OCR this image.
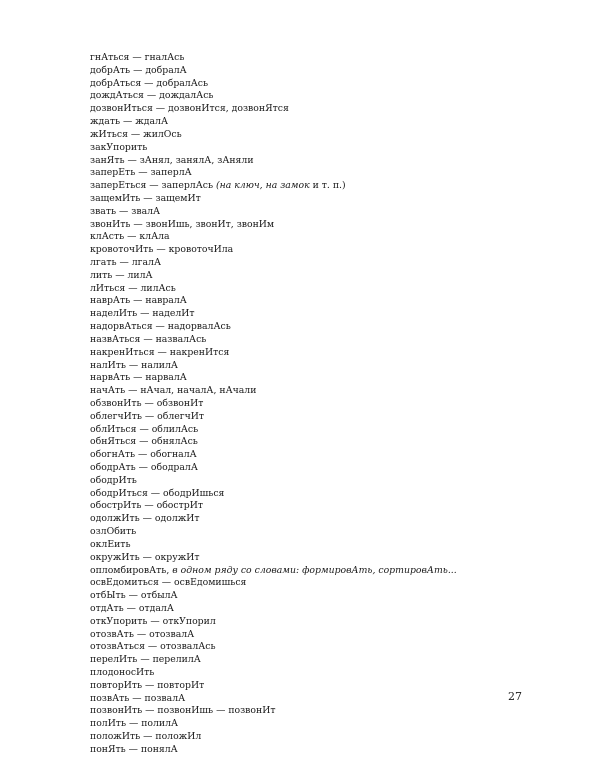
гнАться — гналАсь
добрАть — добралА
добрАться — добралАсь
дождАться — дождалАсь
дозвонИться — дозвонИтся, дозвонЯтся
ждать — ждалА
жИться — жилОсь
закУпорить
занЯть — зАнял, занялА, зАняли
заперЕть — заперлА
заперЕться — заперлАсь (на ключ, на замок и т. п.)
защемИть — защемИт
звать — звалА
звонИть — звонИшь, звонИт, звонИм
клАсть — клАла
кровоточИть — кровоточИла
лгать — лгалА
лить — лилА
лИться — лилАсь
наврАть — навралА
наделИть — наделИт
надорвАться — надорвалАсь
назвАться — назвалАсь
накренИться — накренИтся
налИть — налилА
нарвАть — нарвалА
начАть — нАчал, началА, нАчали
обзвонИть — обзвонИт
облегчИть — облегчИт
облИться — облилАсь
обнЯться — обнялАсь
обогнАть — обогналА
ободрАть — ободралА
ободрИть
ободрИться — ободрИшься
обострИть — обострИт
одолжИть — одолжИт
озлОбить
оклЕить
окружИть — окружИт
опломбировАть, в одном ряду со словами: формировАть, сортировАть...
освЕдомиться — освЕдомишься
отбЫть — отбылА
отдАть — отдалА
откУпорить — откУпорил
отозвАть — отозвалА
отозвАться — отозвалАсь
перелИть — перелилА
плодоносИть
повторИть — повторИт
позвАть — позвалА
позвонИть — позвонИшь — позвонИт
полИть — полилА
положИть — положИл
понЯть — понялА
27
